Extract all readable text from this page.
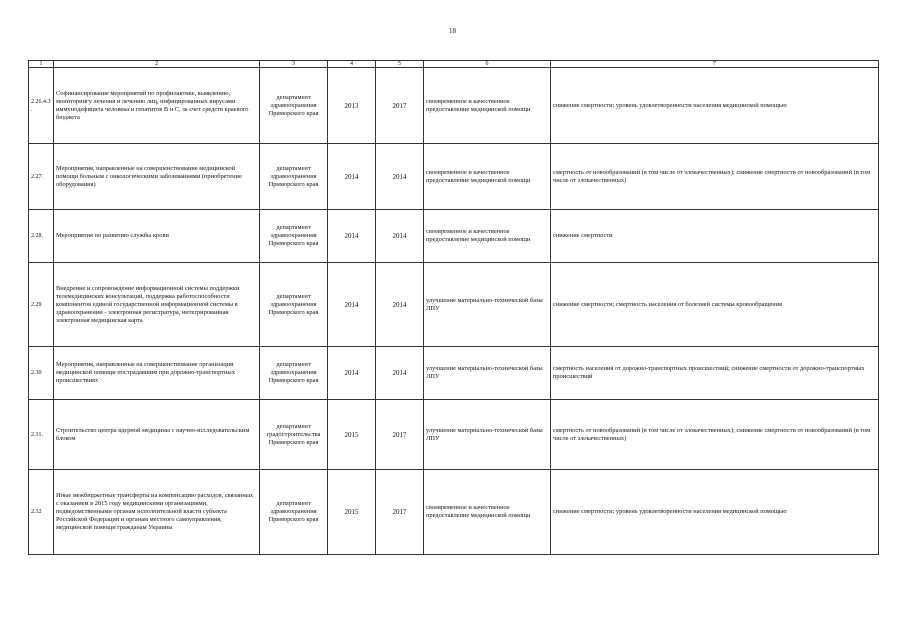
18
1	2	3	4	5	6	7
2.26.4.3.	Софинансирование мероприятий по профилактике, выявлению, мониторингу лечения и лечению лиц, инфицированных вирусами иммунодефицита человека и гепатитов В и С, за счет средств краевого бюджета	департамент здравоохранения Приморского края	2013	2017	своевременное и качественное предоставление медицинской помощи	снижение смертности; уровень удовлетворенности населения медицинской помощью
2.27.	Мероприятия, направленные на совершенствование медицинской помощи больным с онкологическими заболеваниями (приобретение оборудования)	департамент здравоохранения Приморского края	2014	2014	своевременное и качественное предоставление медицинской помощи	смертность от новообразований (в том числе от злокачественных); снижение смертности от новообразований (в том числе от злокачественных)
2.28.	Мероприятия по развитию службы крови	департамент здравоохранения Приморского края	2014	2014	своевременное и качественное предоставление медицинской помощи	снижение смертности
2.29	Внедрение и сопровождение информационной системы поддержки телемедицинских консультаций, поддержка работоспособности компонентов единой государственной информационной системы в здравоохранении - электронная регистратура, интегрированная электронная медицинская карта	департамент здравоохранения Приморского края	2014	2014	улучшение материально-технической базы ЛПУ	снижение смертности; смертность населения от болезней системы кровообращения
2.30	Мероприятия, направленные на совершенствование организации медицинской помощи пострадавшим при дорожно-транспортных происшествиях	департамент здравоохранения Приморского края	2014	2014	улучшение материально-технической базы ЛПУ	смертность населения от дорожно-транспортных происшествий; снижение смертности от дорожно-транспортных происшествий
2.31.	Строительство центра ядерной медицины с научно-исследовательским блоком	департамент градостроительства Приморского края	2015	2017	улучшение материально-технической базы ЛПУ	смертность от новообразований (в том числе от злокачественных); снижение смертности от новообразований (в том числе от злокачественных)
2.32	Иные межбюджетные трансферты на компенсацию расходов, связанных с оказанием в 2015 году медицинскими организациями, подведомственными органам исполнительной власти субъекта Российской Федерации и органам местного самоуправления, медицинской помощи гражданам Украины	департамент здравоохранения Приморского края	2015	2017	своевременное и качественное предоставление медицинской помощи	снижение смертности; уровень удовлетворенности населения медицинской помощью
